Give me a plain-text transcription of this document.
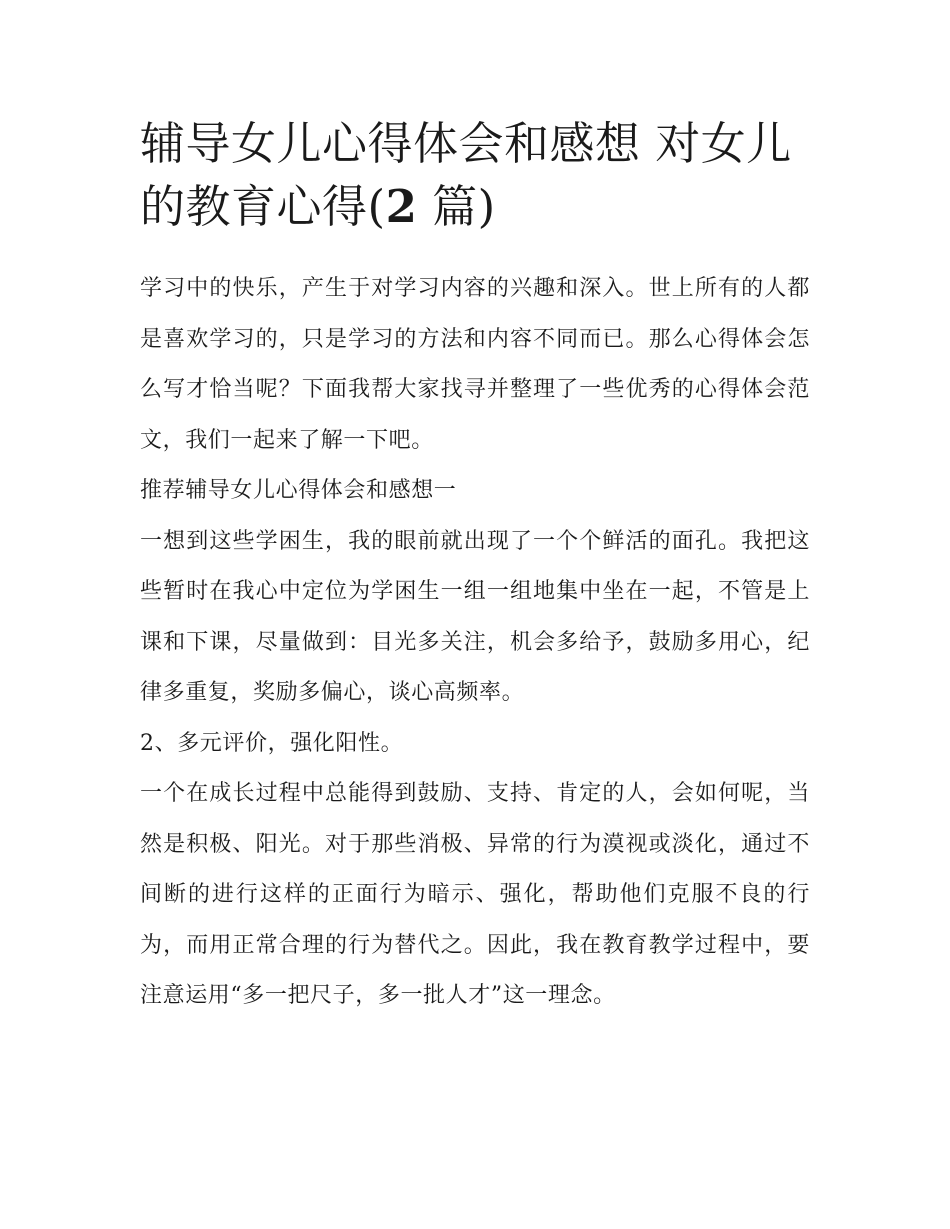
辅导女儿心得体会和感想 对女儿的教育心得(2 篇)

学习中的快乐，产生于对学习内容的兴趣和深入。世上所有的人都是喜欢学习的，只是学习的方法和内容不同而已。那么心得体会怎么写才恰当呢？下面我帮大家找寻并整理了一些优秀的心得体会范文，我们一起来了解一下吧。

推荐辅导女儿心得体会和感想一

一想到这些学困生，我的眼前就出现了一个个鲜活的面孔。我把这些暂时在我心中定位为学困生一组一组地集中坐在一起，不管是上课和下课，尽量做到：目光多关注，机会多给予，鼓励多用心，纪律多重复，奖励多偏心，谈心高频率。

2、多元评价，强化阳性。

一个在成长过程中总能得到鼓励、支持、肯定的人，会如何呢，当然是积极、阳光。对于那些消极、异常的行为漠视或淡化，通过不间断的进行这样的正面行为暗示、强化，帮助他们克服不良的行为，而用正常合理的行为替代之。因此，我在教育教学过程中，要注意运用“多一把尺子，多一批人才”这一理念。
